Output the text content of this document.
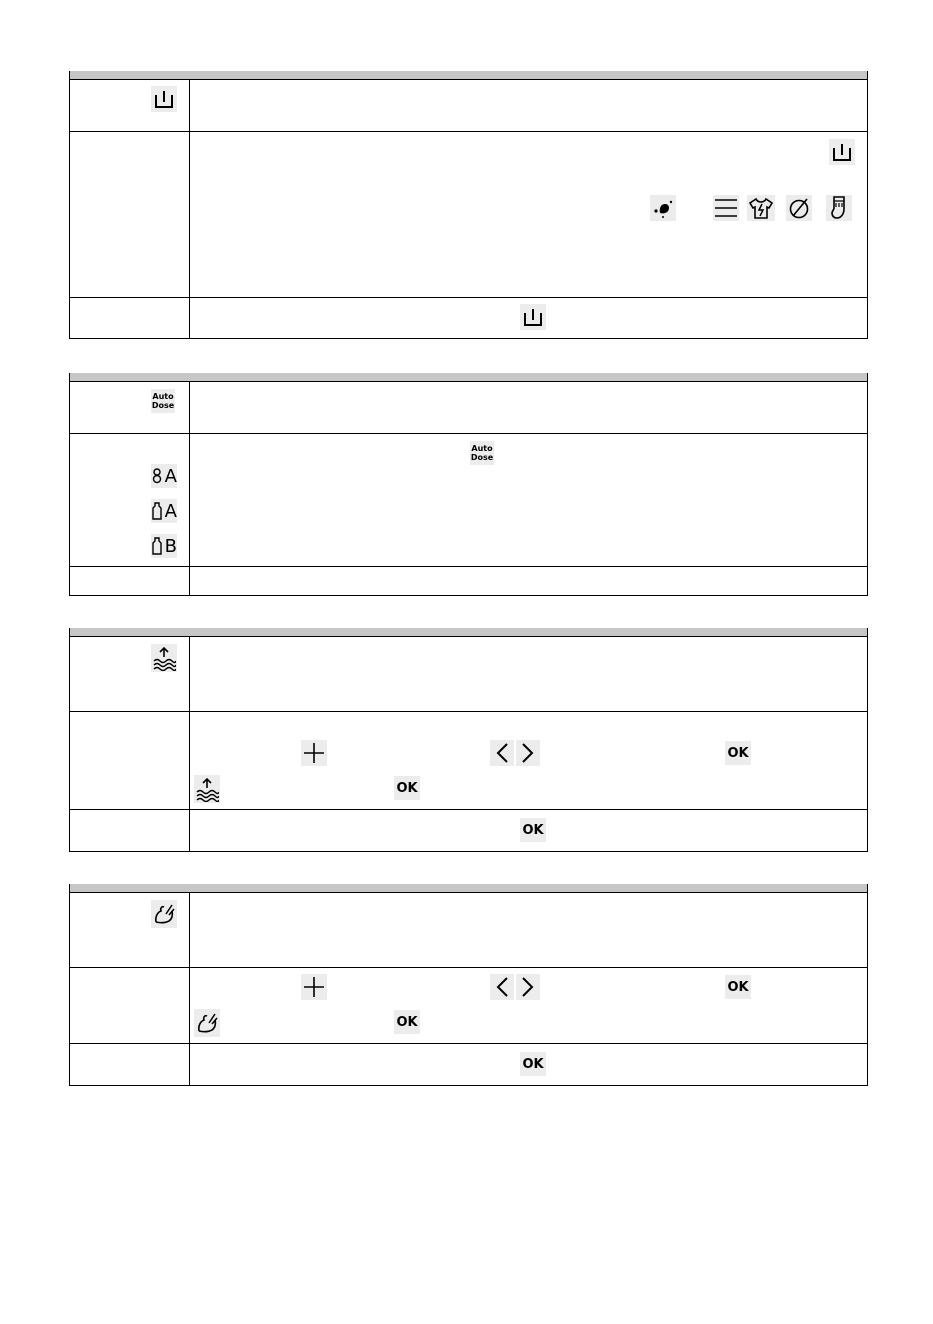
Auto
Dose
Auto
Dose
A
A
B
OK
OK
OK
OK
OK
OK
